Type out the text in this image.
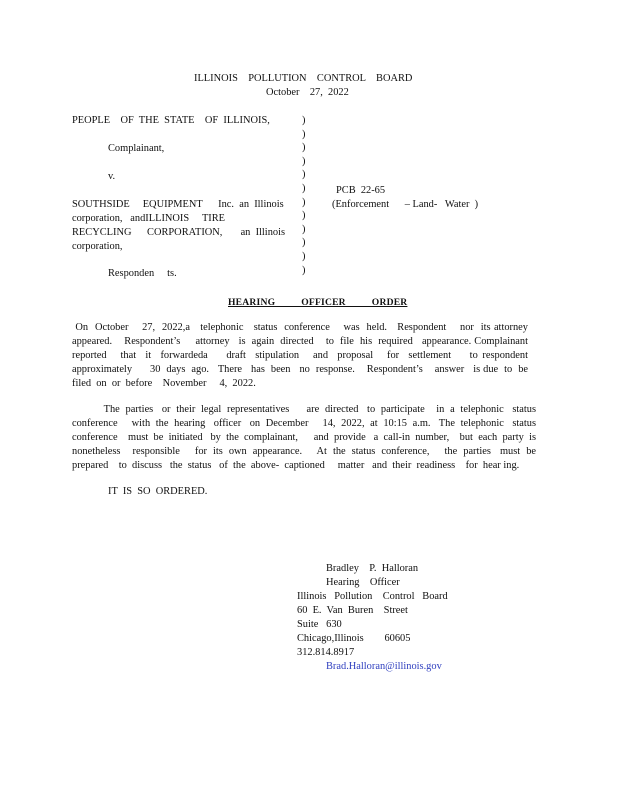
ILLINOIS    POLLUTION    CONTROL    BOARD
October    27,  2022
PEOPLE    OF  THE  STATE    OF  ILLINOIS,
Complainant,
v.
SOUTHSIDE     EQUIPMENT      Inc.  an  Illinois
corporation,   andILLINOIS     TIRE
RECYCLING      CORPORATION,       an  Illinois
corporation,
Responden     ts.
)
)
)
)
)
)
)
)
)
)
)
)
PCB  22-65
(Enforcement      – Land-   Water  )
HEARING          OFFICER          ORDER
On  October    27,  2022,a   telephonic   status  conference    was  held.   Respondent    nor  its attorney  appeared.    Respondent’s     attorney   is  again  directed    to  file  his  required   appearance. Complainant    reported   that  it  forwardeda    draft  stipulation   and  proposal   for  settlement    to respondent    approximately      30  days  ago.   There   has  been   no  response.    Respondent’s    answer   is due  to  be  filed  on  or  before    November     4,  2022.
The  parties   or  their  legal  representatives      are  directed   to  participate    in  a  telephonic   status conference     with  the  hearing   officer   on  December     14,  2022,  at  10:15  a.m.   The  telephonic   status conference    must  be  initiated   by  the  complainant,      and  provide   a  call-in  number,    but  each  party  is nonetheless    responsible     for  its  own  appearance.     At  the  status  conference,     the  parties   must  be prepared    to  discuss   the  status   of  the  above-  captioned     matter   and  their  readiness    for  hear ing.
IT  IS  SO  ORDERED.
Bradley    P.  Halloran
Hearing    Officer
Illinois   Pollution    Control   Board
60  E.  Van  Buren    Street
Suite   630
Chicago,Illinois        60605
312.814.8917
Brad.Halloran@illinois.gov
